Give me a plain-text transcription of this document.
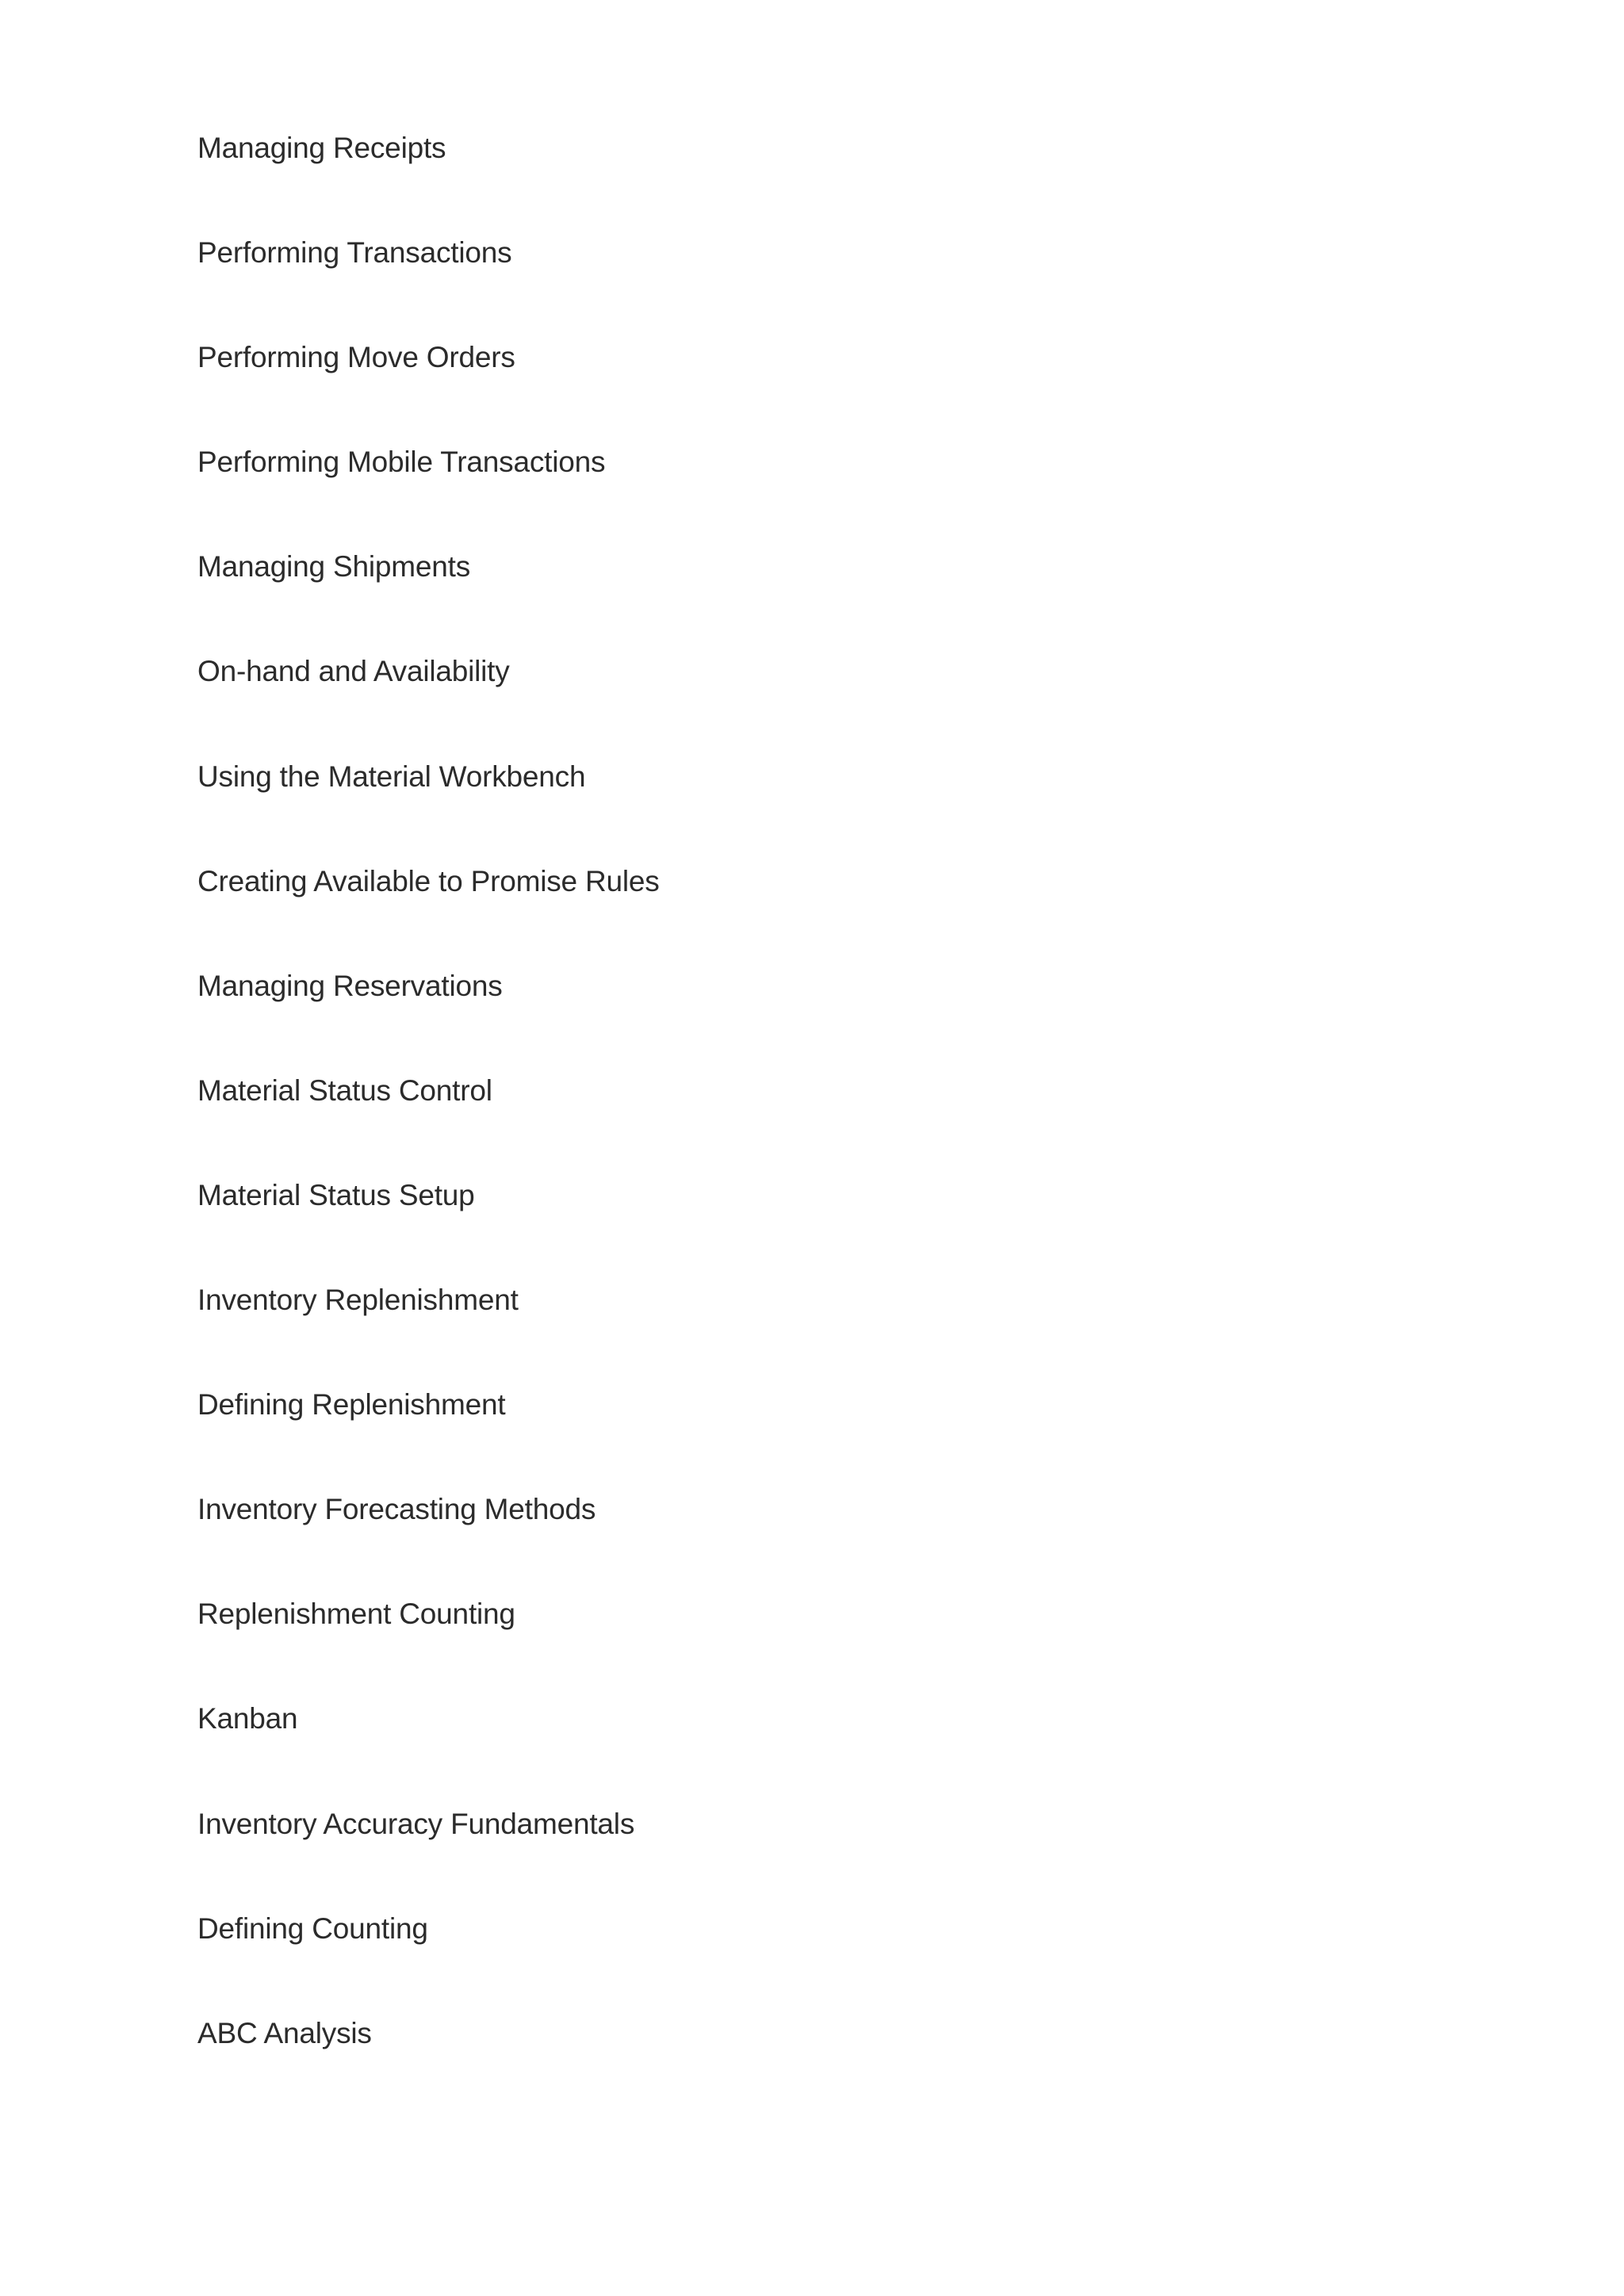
Managing Receipts
Performing Transactions
Performing Move Orders
Performing Mobile Transactions
Managing Shipments
On-hand and Availability
Using the Material Workbench
Creating Available to Promise Rules
Managing Reservations
Material Status Control
Material Status Setup
Inventory Replenishment
Defining Replenishment
Inventory Forecasting Methods
Replenishment Counting
Kanban
Inventory Accuracy Fundamentals
Defining Counting
ABC Analysis
